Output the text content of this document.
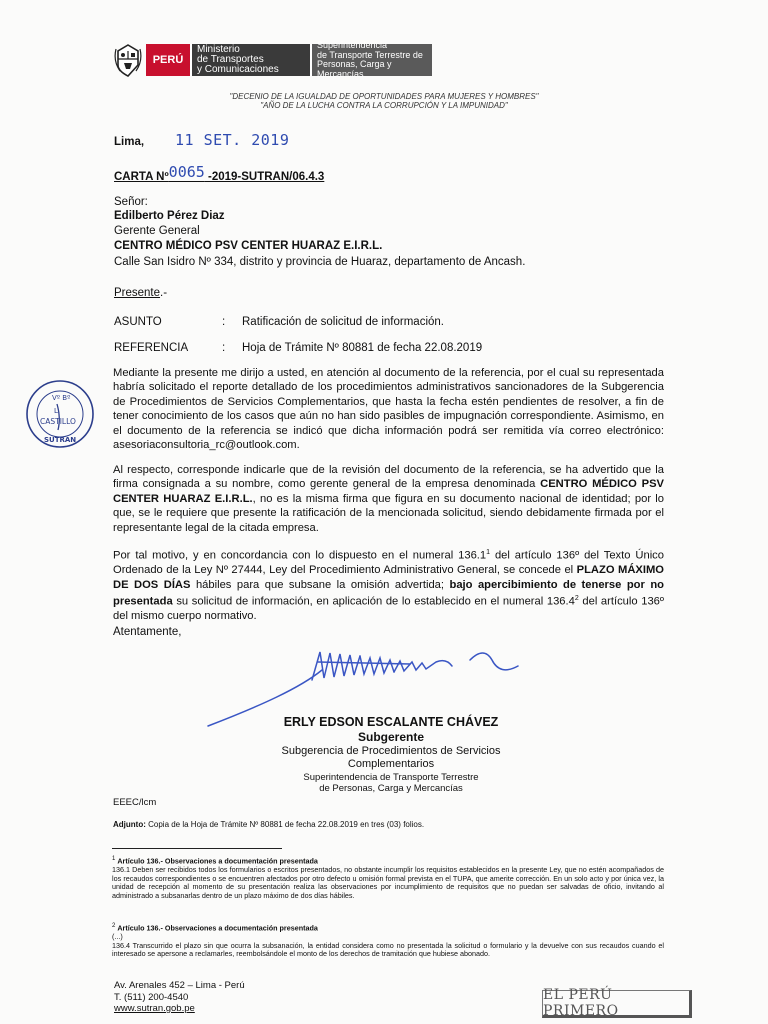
PERÚ
Ministerio
de Transportes
y Comunicaciones
Superintendencia
de Transporte Terrestre de
Personas, Carga y Mercancías
"DECENIO DE LA IGUALDAD DE OPORTUNIDADES PARA MUJERES Y HOMBRES"
"AÑO DE LA LUCHA CONTRA LA CORRUPCIÓN Y LA IMPUNIDAD"
Lima, 11 SET. 2019
CARTA Nº0065 -2019-SUTRAN/06.4.3
Señor:
Edilberto Pérez Diaz
Gerente General
CENTRO MÉDICO PSV CENTER HUARAZ E.I.R.L.
Calle San Isidro Nº 334, distrito y provincia de Huaraz, departamento de Ancash.
Presente.-
ASUNTO	: Ratificación de solicitud de información.
REFERENCIA	: Hoja de Trámite Nº 80881 de fecha 22.08.2019
Vº Bº
L.
CASTILLO
SUTRAN
Mediante la presente me dirijo a usted, en atención al documento de la referencia, por el cual su representada habría solicitado el reporte detallado de los procedimientos administrativos sancionadores de la Subgerencia de Procedimientos de Servicios Complementarios, que hasta la fecha estén pendientes de resolver, a fin de tener conocimiento de los casos que aún no han sido pasibles de impugnación correspondiente. Asimismo, en el documento de la referencia se indicó que dicha información podrá ser remitida vía correo electrónico: asesoriaconsultoria_rc@outlook.com.
Al respecto, corresponde indicarle que de la revisión del documento de la referencia, se ha advertido que la firma consignada a su nombre, como gerente general de la empresa denominada CENTRO MÉDICO PSV CENTER HUARAZ E.I.R.L., no es la misma firma que figura en su documento nacional de identidad; por lo que, se le requiere que presente la ratificación de la mencionada solicitud, siendo debidamente firmada por el representante legal de la citada empresa.
Por tal motivo, y en concordancia con lo dispuesto en el numeral 136.1$^1$ del artículo 136º del Texto Único Ordenado de la Ley Nº 27444, Ley del Procedimiento Administrativo General, se concede el PLAZO MÁXIMO DE DOS DÍAS hábiles para que subsane la omisión advertida; bajo apercibimiento de tenerse por no presentada su solicitud de información, en aplicación de lo establecido en el numeral 136.4$^2$ del artículo 136º del mismo cuerpo normativo.
Atentamente,
ERLY EDSON ESCALANTE CHÁVEZ
Subgerente
Subgerencia de Procedimientos de Servicios
Complementarios
Superintendencia de Transporte Terrestre
de Personas, Carga y Mercancías
EEEC/lcm
Adjunto: Copia de la Hoja de Trámite Nº 80881 de fecha 22.08.2019 en tres (03) folios.
$^1$ Artículo 136.- Observaciones a documentación presentada
136.1 Deben ser recibidos todos los formularios o escritos presentados, no obstante incumplir los requisitos establecidos en la presente Ley, que no estén acompañados de los recaudos correspondientes o se encuentren afectados por otro defecto u omisión formal prevista en el TUPA, que amerite corrección. En un solo acto y por única vez, la unidad de recepción al momento de su presentación realiza las observaciones por incumplimiento de requisitos que no puedan ser salvadas de oficio, invitando al administrado a subsanarlas dentro de un plazo máximo de dos días hábiles.
$^2$ Artículo 136.- Observaciones a documentación presentada
(...)
136.4 Transcurrido el plazo sin que ocurra la subsanación, la entidad considera como no presentada la solicitud o formulario y la devuelve con sus recaudos cuando el interesado se apersone a reclamarles, reembolsándole el monto de los derechos de tramitación que hubiese abonado.
Av. Arenales 452 – Lima - Perú
T. (511) 200-4540
www.sutran.gob.pe
EL PERÚ PRIMERO
